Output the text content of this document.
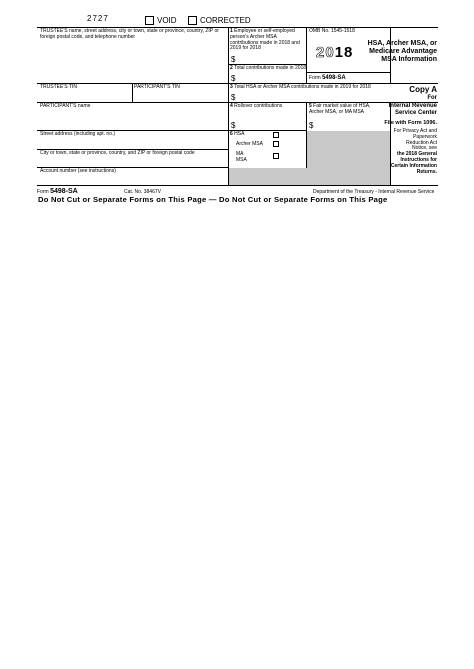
2727	VOID	CORRECTED
TRUSTEE'S name, street address, city or town, state or province, country, ZIP or foreign postal code, and telephone number
TRUSTEE'S TIN	PARTICIPANT'S TIN
PARTICIPANT'S name
Street address (including apt. no.)
City or town, state or province, country, and ZIP or foreign postal code
Account number (see instructions)
1 Employee or self-employed person's Archer MSA contributions made in 2018 and 2019 for 2018
$
2 Total contributions made in 2018
$
3 Total HSA or Archer MSA contributions made in 2019 for 2018
$
4 Rollover contributions
$
5 Fair market value of HSA, Archer MSA, or MA MSA
$
6 HSA
Archer MSA
MA MSA
OMB No. 1545-1518
2018
Form 5498-SA
HSA, Archer MSA, or
Medicare Advantage
MSA Information
Copy A
For
Internal Revenue
Service Center
File with Form 1096.
For Privacy Act and
Paperwork
Reduction Act
Notice, see
the 2018 General
Instructions for
Certain Information
Returns.
Form 5498-SA	Cat. No. 38467V	Department of the Treasury - Internal Revenue Service
Do Not Cut or Separate Forms on This Page — Do Not Cut or Separate Forms on This Page
